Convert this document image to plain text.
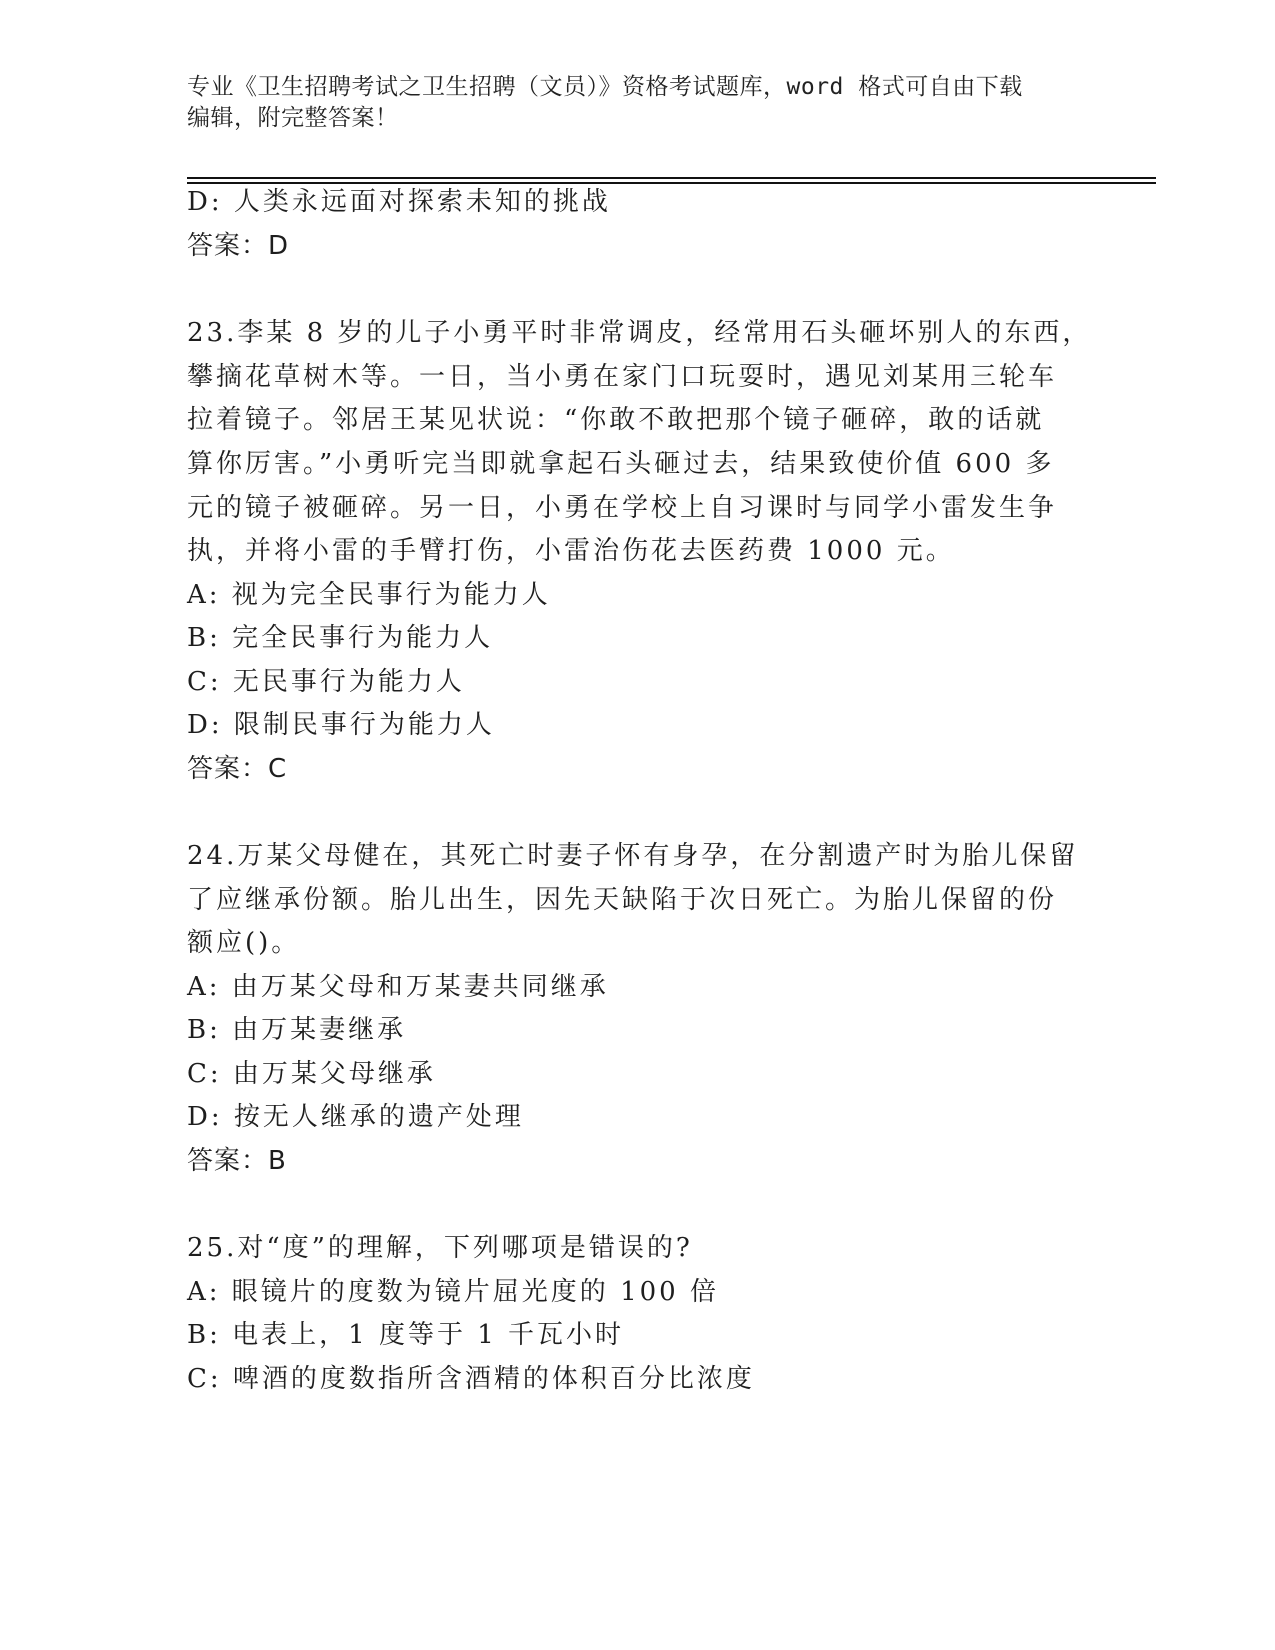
专业《卫生招聘考试之卫生招聘（文员）》资格考试题库，word 格式可自由下载
编辑，附完整答案！
D: 人类永远面对探索未知的挑战
答案：D
23.李某 8 岁的儿子小勇平时非常调皮，经常用石头砸坏别人的东西，
攀摘花草树木等。一日，当小勇在家门口玩耍时，遇见刘某用三轮车
拉着镜子。邻居王某见状说：“你敢不敢把那个镜子砸碎，敢的话就
算你厉害。”小勇听完当即就拿起石头砸过去，结果致使价值 600 多
元的镜子被砸碎。另一日，小勇在学校上自习课时与同学小雷发生争
执，并将小雷的手臂打伤，小雷治伤花去医药费 1000 元。
A: 视为完全民事行为能力人
B: 完全民事行为能力人
C: 无民事行为能力人
D: 限制民事行为能力人
答案：C
24.万某父母健在，其死亡时妻子怀有身孕，在分割遗产时为胎儿保留
了应继承份额。胎儿出生，因先天缺陷于次日死亡。为胎儿保留的份
额应()。
A: 由万某父母和万某妻共同继承
B: 由万某妻继承
C: 由万某父母继承
D: 按无人继承的遗产处理
答案：B
25.对“度”的理解，下列哪项是错误的?
A: 眼镜片的度数为镜片屈光度的 100 倍
B: 电表上，1 度等于 1 千瓦小时
C: 啤酒的度数指所含酒精的体积百分比浓度
